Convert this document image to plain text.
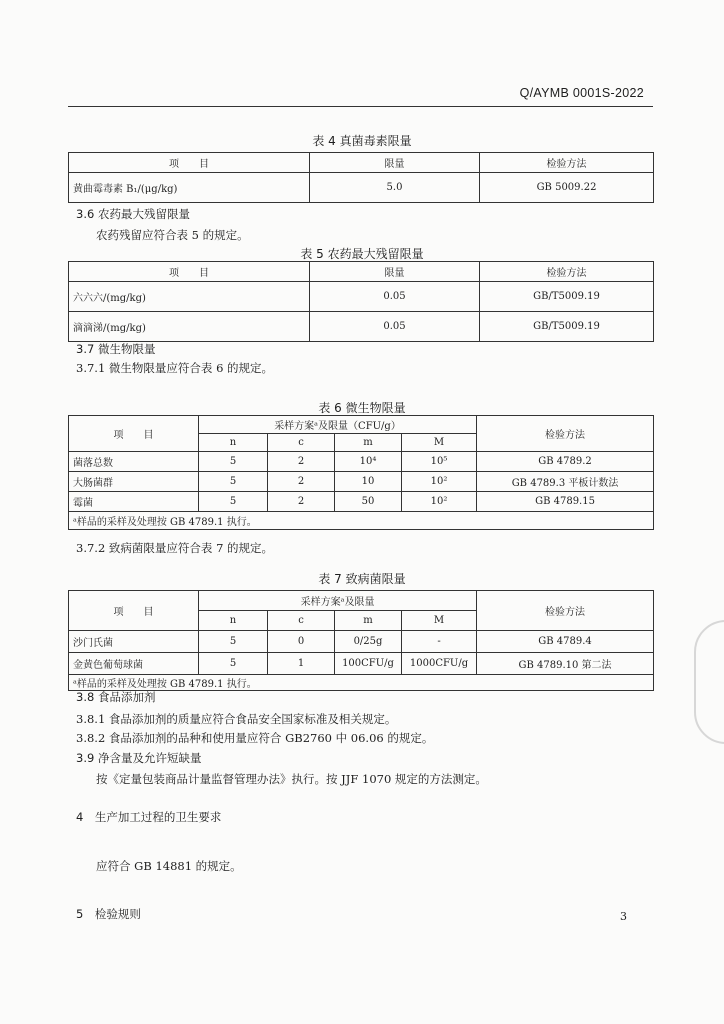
Q/AYMB 0001S-2022
表 4 真菌毒素限量
项　　目	限量	检验方法
黄曲霉毒素 B₁/(μg/kg)	5.0	GB 5009.22
3.6 农药最大残留限量
农药残留应符合表 5 的规定。
表 5 农药最大残留限量
项　　目	限量	检验方法
六六六/(mg/kg)	0.05	GB/T5009.19
滴滴涕/(mg/kg)	0.05	GB/T5009.19
3.7 微生物限量
3.7.1 微生物限量应符合表 6 的规定。
表 6 微生物限量
项　　目	采样方案ᵃ及限量（CFU/g）				检验方法
	n	c	m	M	
菌落总数	5	2	10⁴	10⁵	GB 4789.2
大肠菌群	5	2	10	10²	GB 4789.3 平板计数法
霉菌	5	2	50	10²	GB 4789.15
ᵃ样品的采样及处理按 GB 4789.1 执行。					
3.7.2 致病菌限量应符合表 7 的规定。
表 7 致病菌限量
项　　目	采样方案ᵃ及限量				检验方法
	n	c	m	M	
沙门氏菌	5	0	0/25g	-	GB 4789.4
金黄色葡萄球菌	5	1	100CFU/g	1000CFU/g	GB 4789.10 第二法
ᵃ样品的采样及处理按 GB 4789.1 执行。					
3.8 食品添加剂
3.8.1 食品添加剂的质量应符合食品安全国家标准及相关规定。
3.8.2 食品添加剂的品种和使用量应符合 GB2760 中 06.06 的规定。
3.9 净含量及允许短缺量
按《定量包装商品计量监督管理办法》执行。按 JJF 1070 规定的方法测定。
4　生产加工过程的卫生要求
应符合 GB 14881 的规定。
5　检验规则	3
